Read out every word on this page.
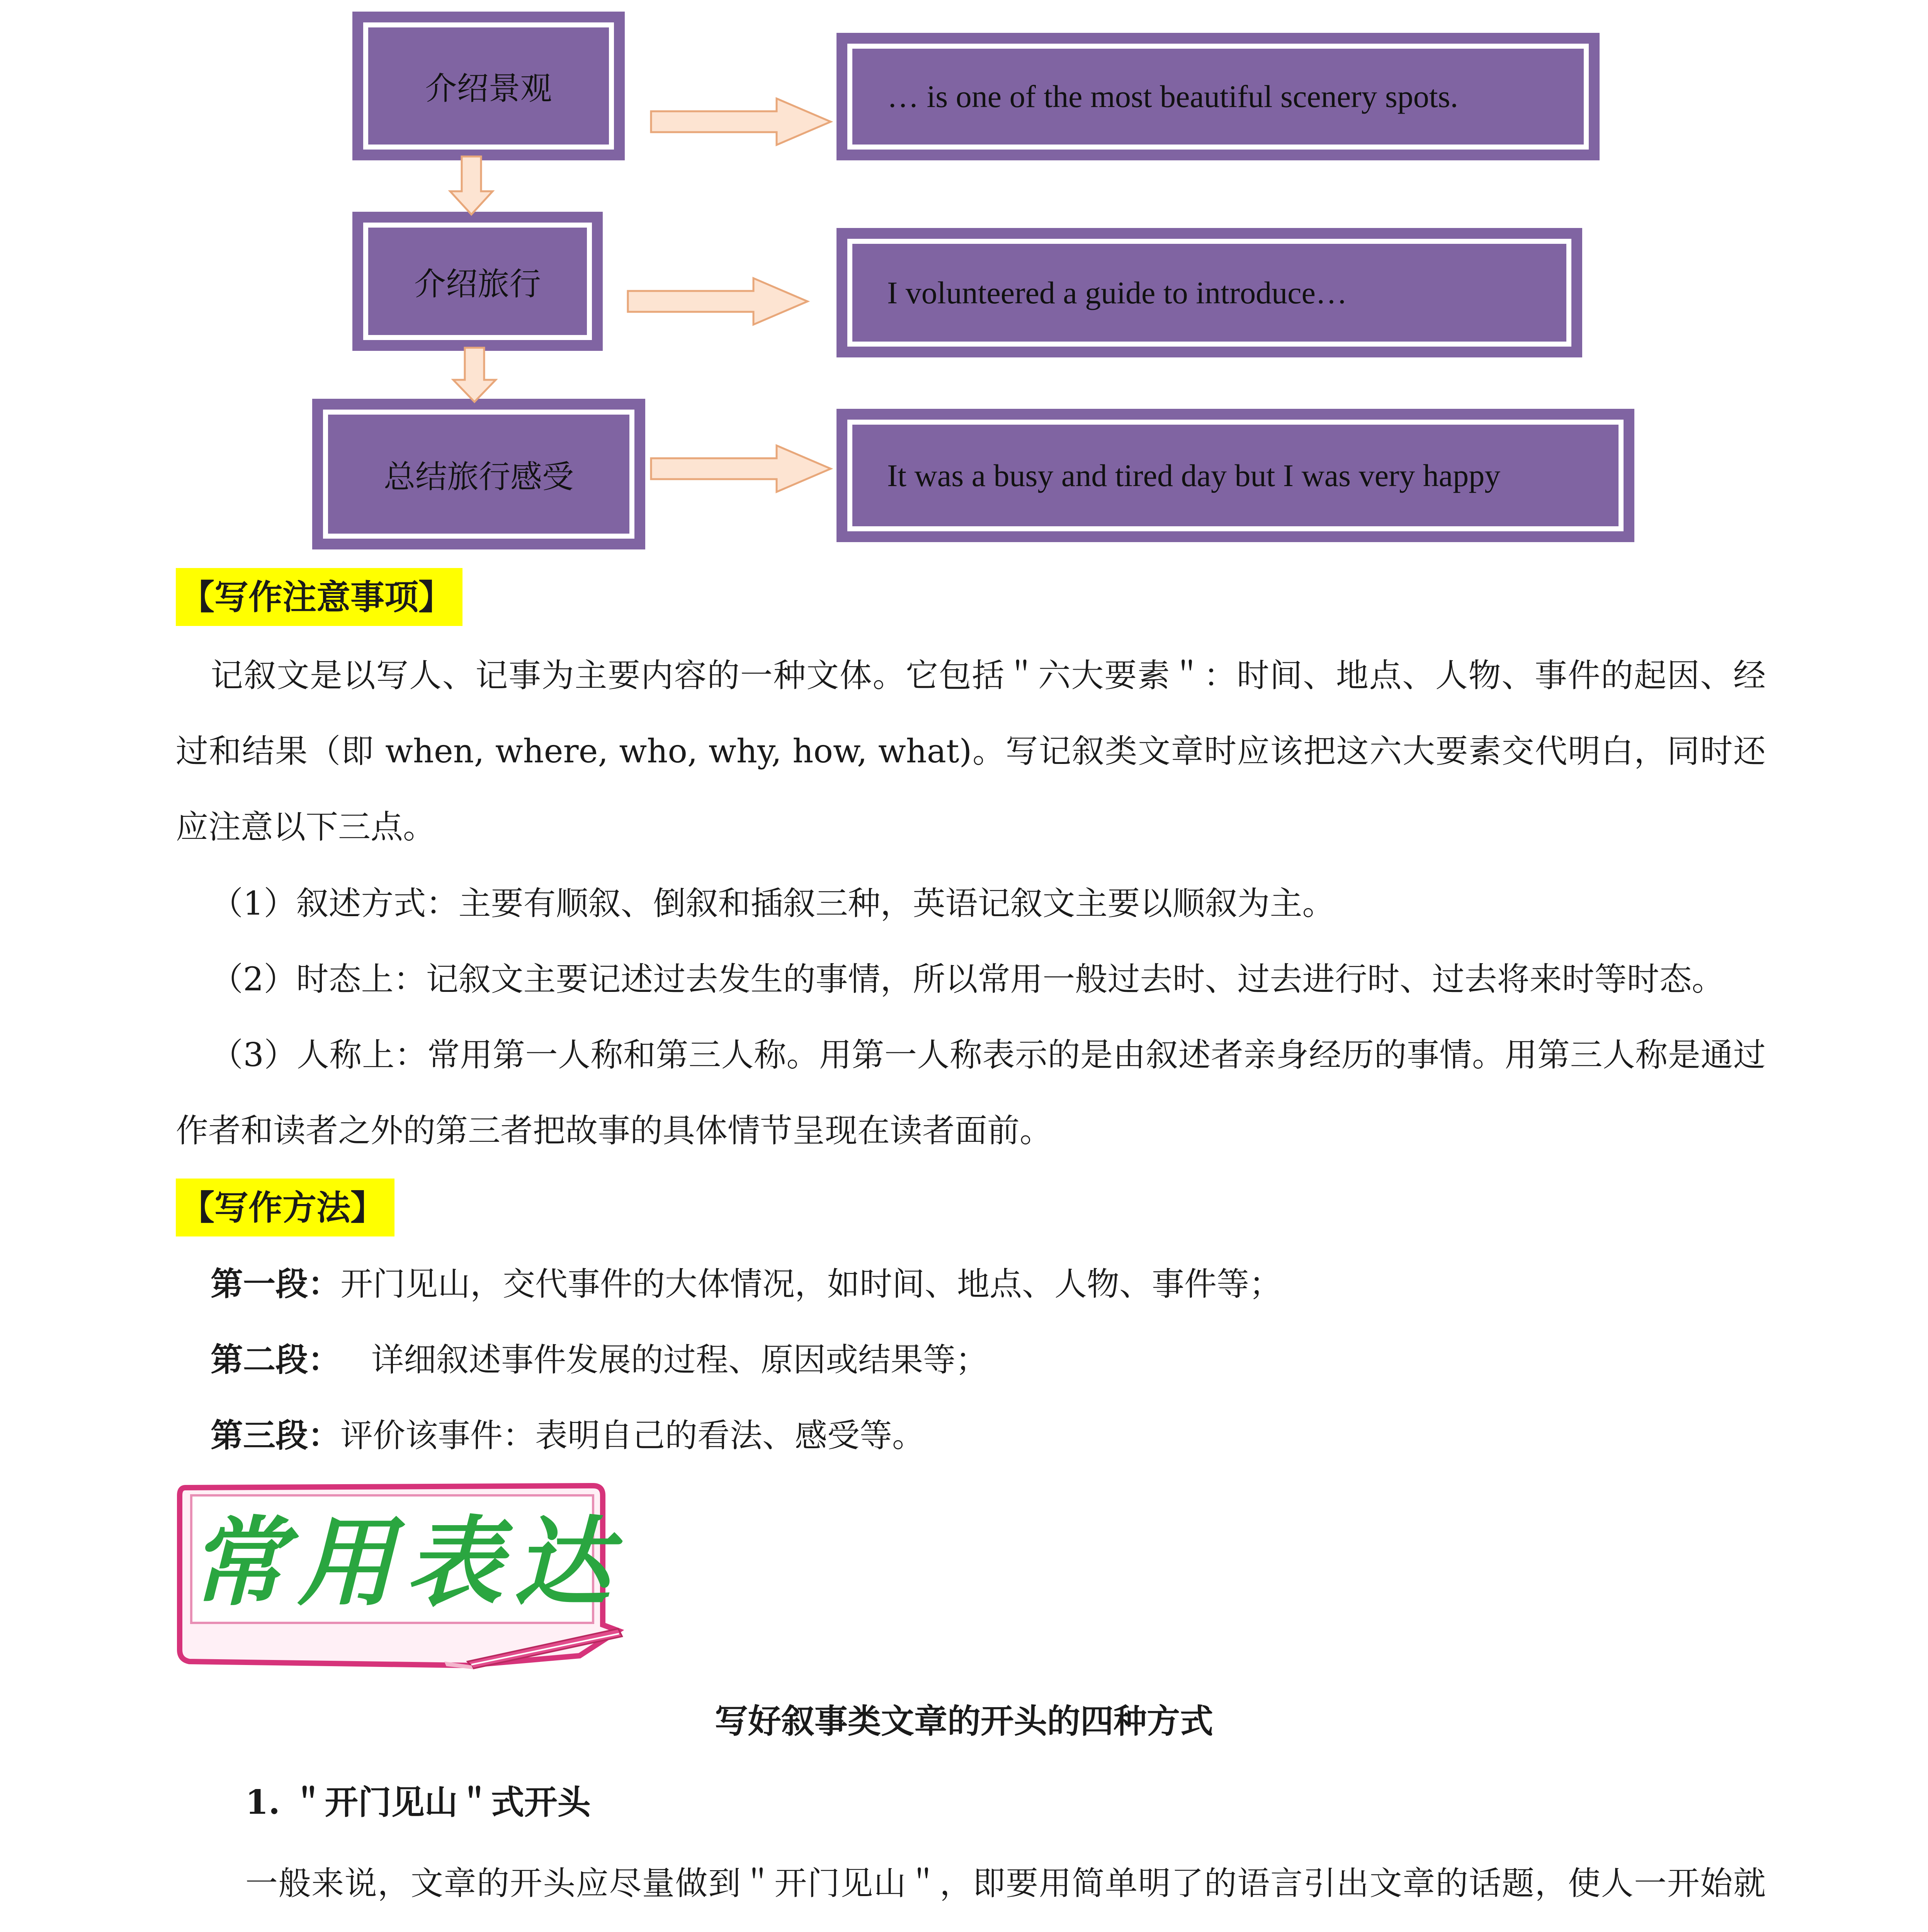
介绍景观
介绍旅行
总结旅行感受
… is one of the most beautiful scenery spots.
I volunteered a guide to introduce…
It was a busy and tired day but I was very happy
【写作注意事项】
记叙文是以写人、记事为主要内容的一种文体。它包括＂六大要素＂：时间、地点、人物、事件的起因、经过和结果（即 when, where, who, why, how, what)。写记叙类文章时应该把这六大要素交代明白，同时还应注意以下三点。
（1）叙述方式：主要有顺叙、倒叙和插叙三种，英语记叙文主要以顺叙为主。
（2）时态上：记叙文主要记述过去发生的事情，所以常用一般过去时、过去进行时、过去将来时等时态。
（3）人称上：常用第一人称和第三人称。用第一人称表示的是由叙述者亲身经历的事情。用第三人称是通过作者和读者之外的第三者把故事的具体情节呈现在读者面前。
【写作方法】
第一段：开门见山，交代事件的大体情况，如时间、地点、人物、事件等；
第二段： 详细叙述事件发展的过程、原因或结果等；
第三段：评价该事件：表明自己的看法、感受等。
常用表达
写好叙事类文章的开头的四种方式
1. ＂开门见山＂式开头
一般来说，文章的开头应尽量做到＂开门见山＂，即要用简单明了的语言引出文章的话题，使人一开始就
